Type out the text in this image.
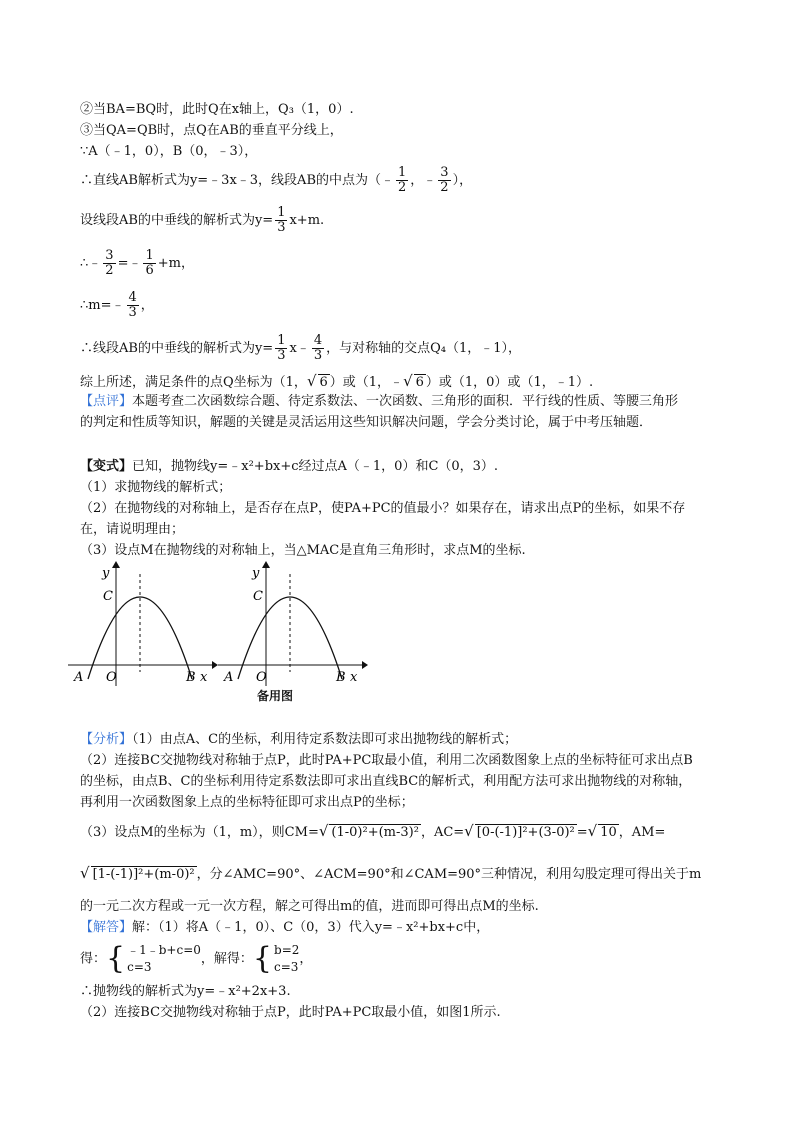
②当BA=BQ时，此时Q在x轴上，Q₃（1，0）.
③当QA=QB时，点Q在AB的垂直平分线上，
∵A（﹣1，0），B（0，﹣3），
∴直线AB解析式为y=﹣3x﹣3，线段AB的中点为（﹣ $\frac{1}{2}$ ，﹣ $\frac{3}{2}$ ），
设线段AB的中垂线的解析式为$y= \frac{1}{3} x+m$.
∴﹣ $\frac{3}{2}$ =﹣ $\frac{1}{6} +m$，
∴m=﹣ $\frac{4}{3}$ ，
∴线段AB的中垂线的解析式为$y= \frac{1}{3}$ x﹣ $\frac{4}{3}$ ，与对称轴的交点Q₄（1，﹣1），
综上所述，满足条件的点Q坐标为（1，√ 6 ）或（1，﹣√ 6 ）或（1，0）或（1，﹣1）.
【点评】本题考查二次函数综合题、待定系数法、一次函数、三角形的面积．平行线的性质、等腰三角形
的判定和性质等知识，解题的关键是灵活运用这些知识解决问题，学会分类讨论，属于中考压轴题．
【变式】已知，抛物线y=﹣x²+bx+c经过点A（﹣1，0）和C（0，3）.
（1）求抛物线的解析式；
（2）在抛物线的对称轴上，是否存在点P，使PA+PC的值最小？如果存在，请求出点P的坐标，如果不存
在，请说明理由；
（3）设点M在抛物线的对称轴上，当△MAC是直角三角形时，求点M的坐标.
y
C
A O	B x
y
C
A O	B x
备用图
【分析】（1）由点A、C的坐标，利用待定系数法即可求出抛物线的解析式；
（2）连接BC交抛物线对称轴于点P，此时PA+PC取最小值，利用二次函数图象上点的坐标特征可求出点B
的坐标，由点B、C的坐标利用待定系数法即可求出直线BC的解析式，利用配方法可求出抛物线的对称轴，
再利用一次函数图象上点的坐标特征即可求出点P的坐标；
（3）设点M的坐标为（1，m），则CM=√ (1-0)²+(m-3)² ，AC=√ [0-(-1)]²+(3-0)² =√ 10 ，AM=
√ [1-(-1)]²+(m-0)² ，分∠AMC=90°、∠ACM=90°和∠CAM=90°三种情况，利用勾股定理可得出关于m
的一元二次方程或一元一次方程，解之可得出m的值，进而即可得出点M的坐标.
【解答】解：（1）将A（﹣1，0）、C（0，3）代入y=﹣x²+bx+c中，
得：{ ﹣1﹣b+c=0
c=3
，解得：{ b=2
c=3
，
∴抛物线的解析式为y=﹣x²+2x+3.
（2）连接BC交抛物线对称轴于点P，此时PA+PC取最小值，如图1所示.
